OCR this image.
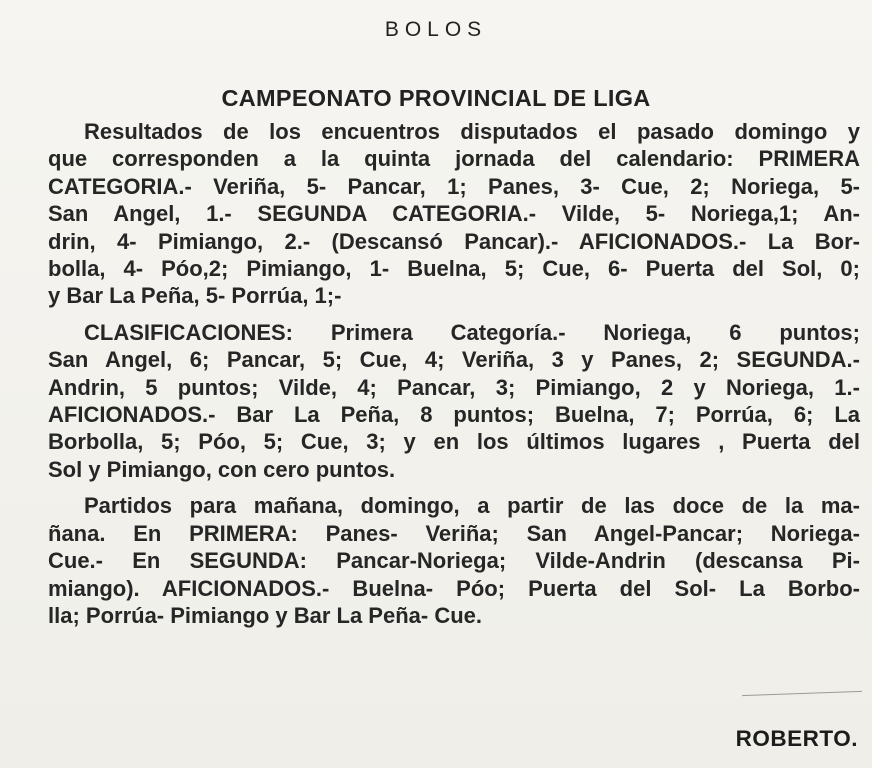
BOLOS
CAMPEONATO PROVINCIAL DE LIGA
Resultados de los encuentros disputados el pasado domingo y
que corresponden a la quinta jornada del calendario: PRIMERA
CATEGORIA.- Veriña, 5- Pancar, 1; Panes, 3- Cue, 2; Noriega, 5-
San Angel, 1.- SEGUNDA CATEGORIA.- Vilde, 5- Noriega,1; An-
drin, 4- Pimiango, 2.- (Descansó Pancar).- AFICIONADOS.- La Bor-
bolla, 4- Póo,2; Pimiango, 1- Buelna, 5; Cue, 6- Puerta del Sol, 0;
y Bar La Peña, 5- Porrúa, 1;-
CLASIFICACIONES: Primera Categoría.- Noriega, 6 puntos;
San Angel, 6; Pancar, 5; Cue, 4; Veriña, 3 y Panes, 2; SEGUNDA.-
Andrin, 5 puntos; Vilde, 4; Pancar, 3; Pimiango, 2 y Noriega, 1.-
AFICIONADOS.- Bar La Peña, 8 puntos; Buelna, 7; Porrúa, 6; La
Borbolla, 5; Póo, 5; Cue, 3; y en los últimos lugares , Puerta del
Sol y Pimiango, con cero puntos.
Partidos para mañana, domingo, a partir de las doce de la ma-
ñana. En PRIMERA: Panes- Veriña; San Angel-Pancar; Noriega-
Cue.- En SEGUNDA: Pancar-Noriega; Vilde-Andrin (descansa Pi-
miango). AFICIONADOS.- Buelna- Póo; Puerta del Sol- La Borbo-
lla; Porrúa- Pimiango y Bar La Peña- Cue.
ROBERTO.
